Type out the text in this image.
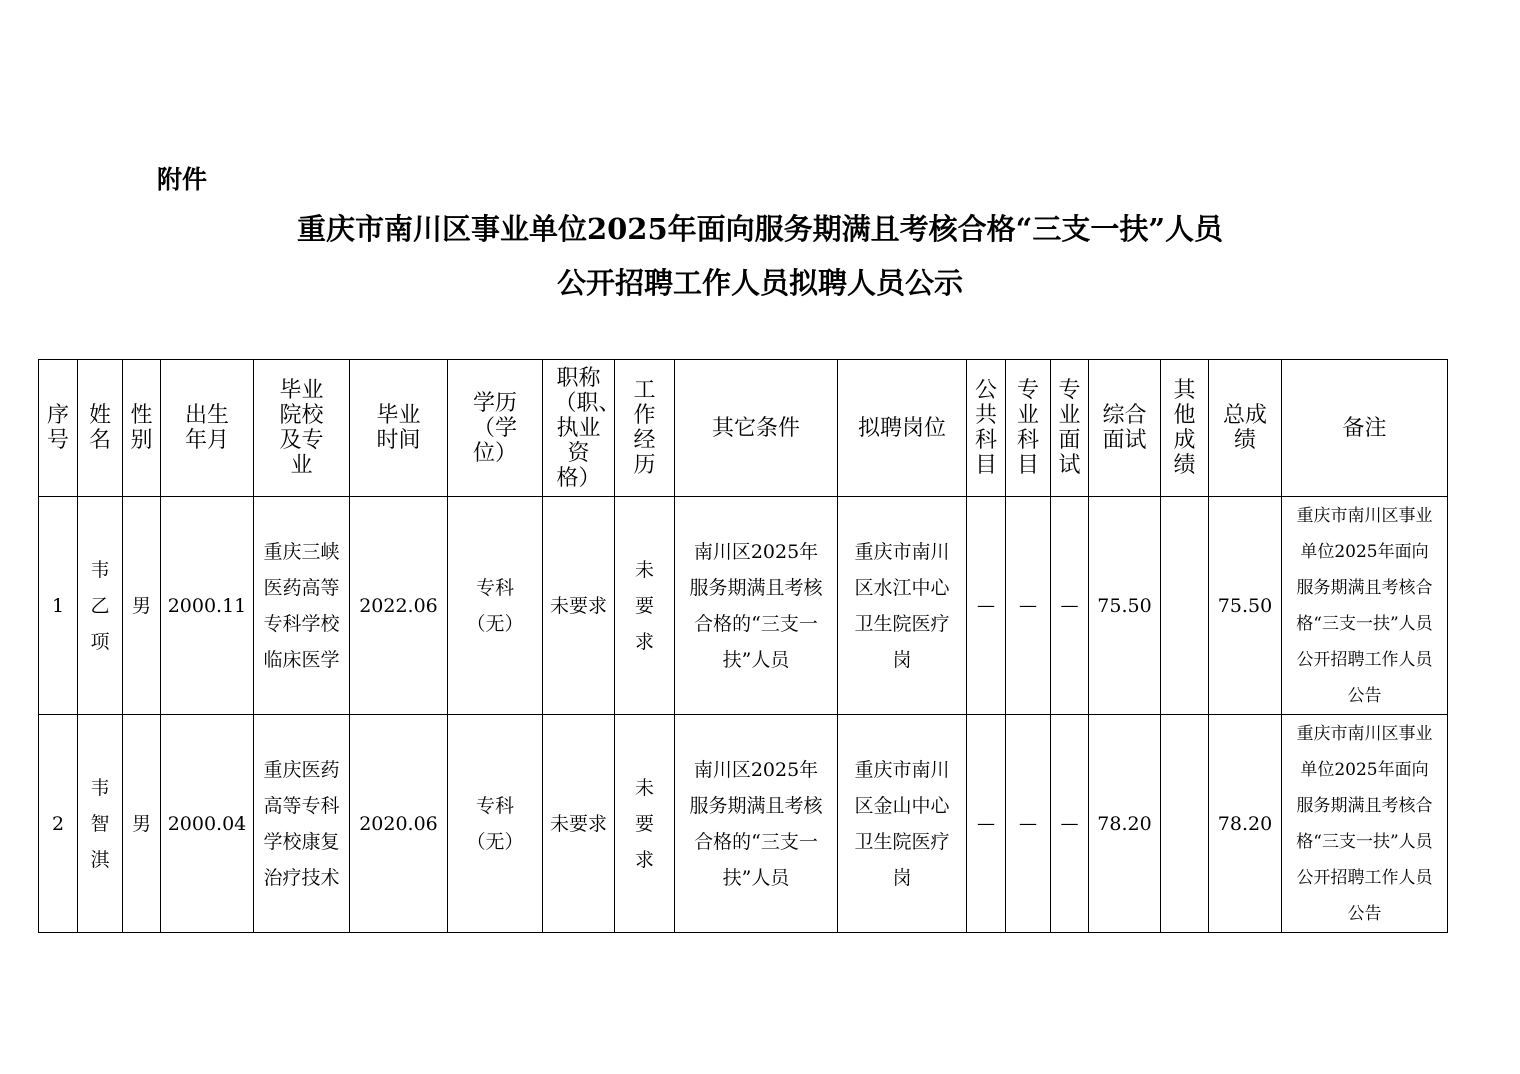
附件
重庆市南川区事业单位2025年面向服务期满且考核合格“三支一扶”人员
公开招聘工作人员拟聘人员公示
序号	姓名	性别	出生年月	毕业院校及专业	毕业时间	学历（学位）	职称（职、执业资格）	工作经历	其它条件	拟聘岗位	公共科目	专业科目	专业面试	综合面试	其他成绩	总成绩	备注
1	韦乙项	男	2000.11	重庆三峡医药高等专科学校临床医学	2022.06	专科（无）	未要求	未要求	南川区2025年服务期满且考核合格的“三支一扶”人员	重庆市南川区水江中心卫生院医疗岗	—	—	—	75.50		75.50	重庆市南川区事业单位2025年面向服务期满且考核合格“三支一扶”人员公开招聘工作人员公告
2	韦智淇	男	2000.04	重庆医药高等专科学校康复治疗技术	2020.06	专科（无）	未要求	未要求	南川区2025年服务期满且考核合格的“三支一扶”人员	重庆市南川区金山中心卫生院医疗岗	—	—	—	78.20		78.20	重庆市南川区事业单位2025年面向服务期满且考核合格“三支一扶”人员公开招聘工作人员公告
